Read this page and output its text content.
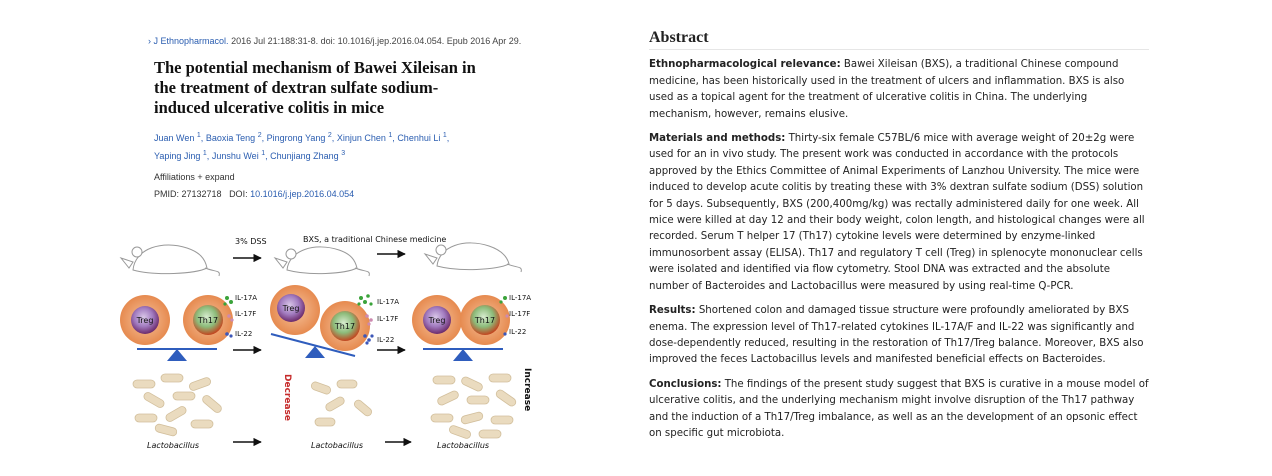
› J Ethnopharmacol. 2016 Jul 21:188:31-8. doi: 10.1016/j.jep.2016.04.054. Epub 2016 Apr 29.
The potential mechanism of Bawei Xileisan in the treatment of dextran sulfate sodium-induced ulcerative colitis in mice
Juan Wen $^1$, Baoxia Teng $^2$, Pingrong Yang $^2$, Xinjun Chen $^1$, Chenhui Li $^1$, Yaping Jing $^1$, Junshu Wei $^1$, Chunjiang Zhang $^3$
Affiliations + expand
PMID: 27132718 DOI: 10.1016/j.jep.2016.04.054
3% DSS	BXS, a traditional Chinese medicine
Treg	Th17
IL-17A
IL-17F
IL-22
Treg
Th17
IL-17A
IL-17F
IL-22
Treg	Th17
IL-17A
IL-17F
IL-22
Lactobacillus
Decrease
Lactobacillus	Lactobacillus
Increase
Abstract

Ethnopharmacological relevance: Bawei Xileisan (BXS), a traditional Chinese compound medicine, has been historically used in the treatment of ulcers and inflammation. BXS is also used as a topical agent for the treatment of ulcerative colitis in China. The underlying mechanism, however, remains elusive.

Materials and methods: Thirty-six female C57BL/6 mice with average weight of 20±2g were used for an in vivo study. The present work was conducted in accordance with the protocols approved by the Ethics Committee of Animal Experiments of Lanzhou University. The mice were induced to develop acute colitis by treating these with 3% dextran sulfate sodium (DSS) solution for 5 days. Subsequently, BXS (200,400mg/kg) was rectally administered daily for one week. All mice were killed at day 12 and their body weight, colon length, and histological changes were all recorded. Serum T helper 17 (Th17) cytokine levels were determined by enzyme-linked immunosorbent assay (ELISA). Th17 and regulatory T cell (Treg) in splenocyte mononuclear cells were isolated and identified via flow cytometry. Stool DNA was extracted and the absolute number of Bacteroides and Lactobacillus were measured by using real-time Q-PCR.

Results: Shortened colon and damaged tissue structure were profoundly ameliorated by BXS enema. The expression level of Th17-related cytokines IL-17A/F and IL-22 was significantly and dose-dependently reduced, resulting in the restoration of Th17/Treg balance. Moreover, BXS also improved the feces Lactobacillus levels and manifested beneficial effects on Bacteroides.

Conclusions: The findings of the present study suggest that BXS is curative in a mouse model of ulcerative colitis, and the underlying mechanism might involve disruption of the Th17 pathway and the induction of a Th17/Treg imbalance, as well as an the development of an opsonic effect on specific gut microbiota.
